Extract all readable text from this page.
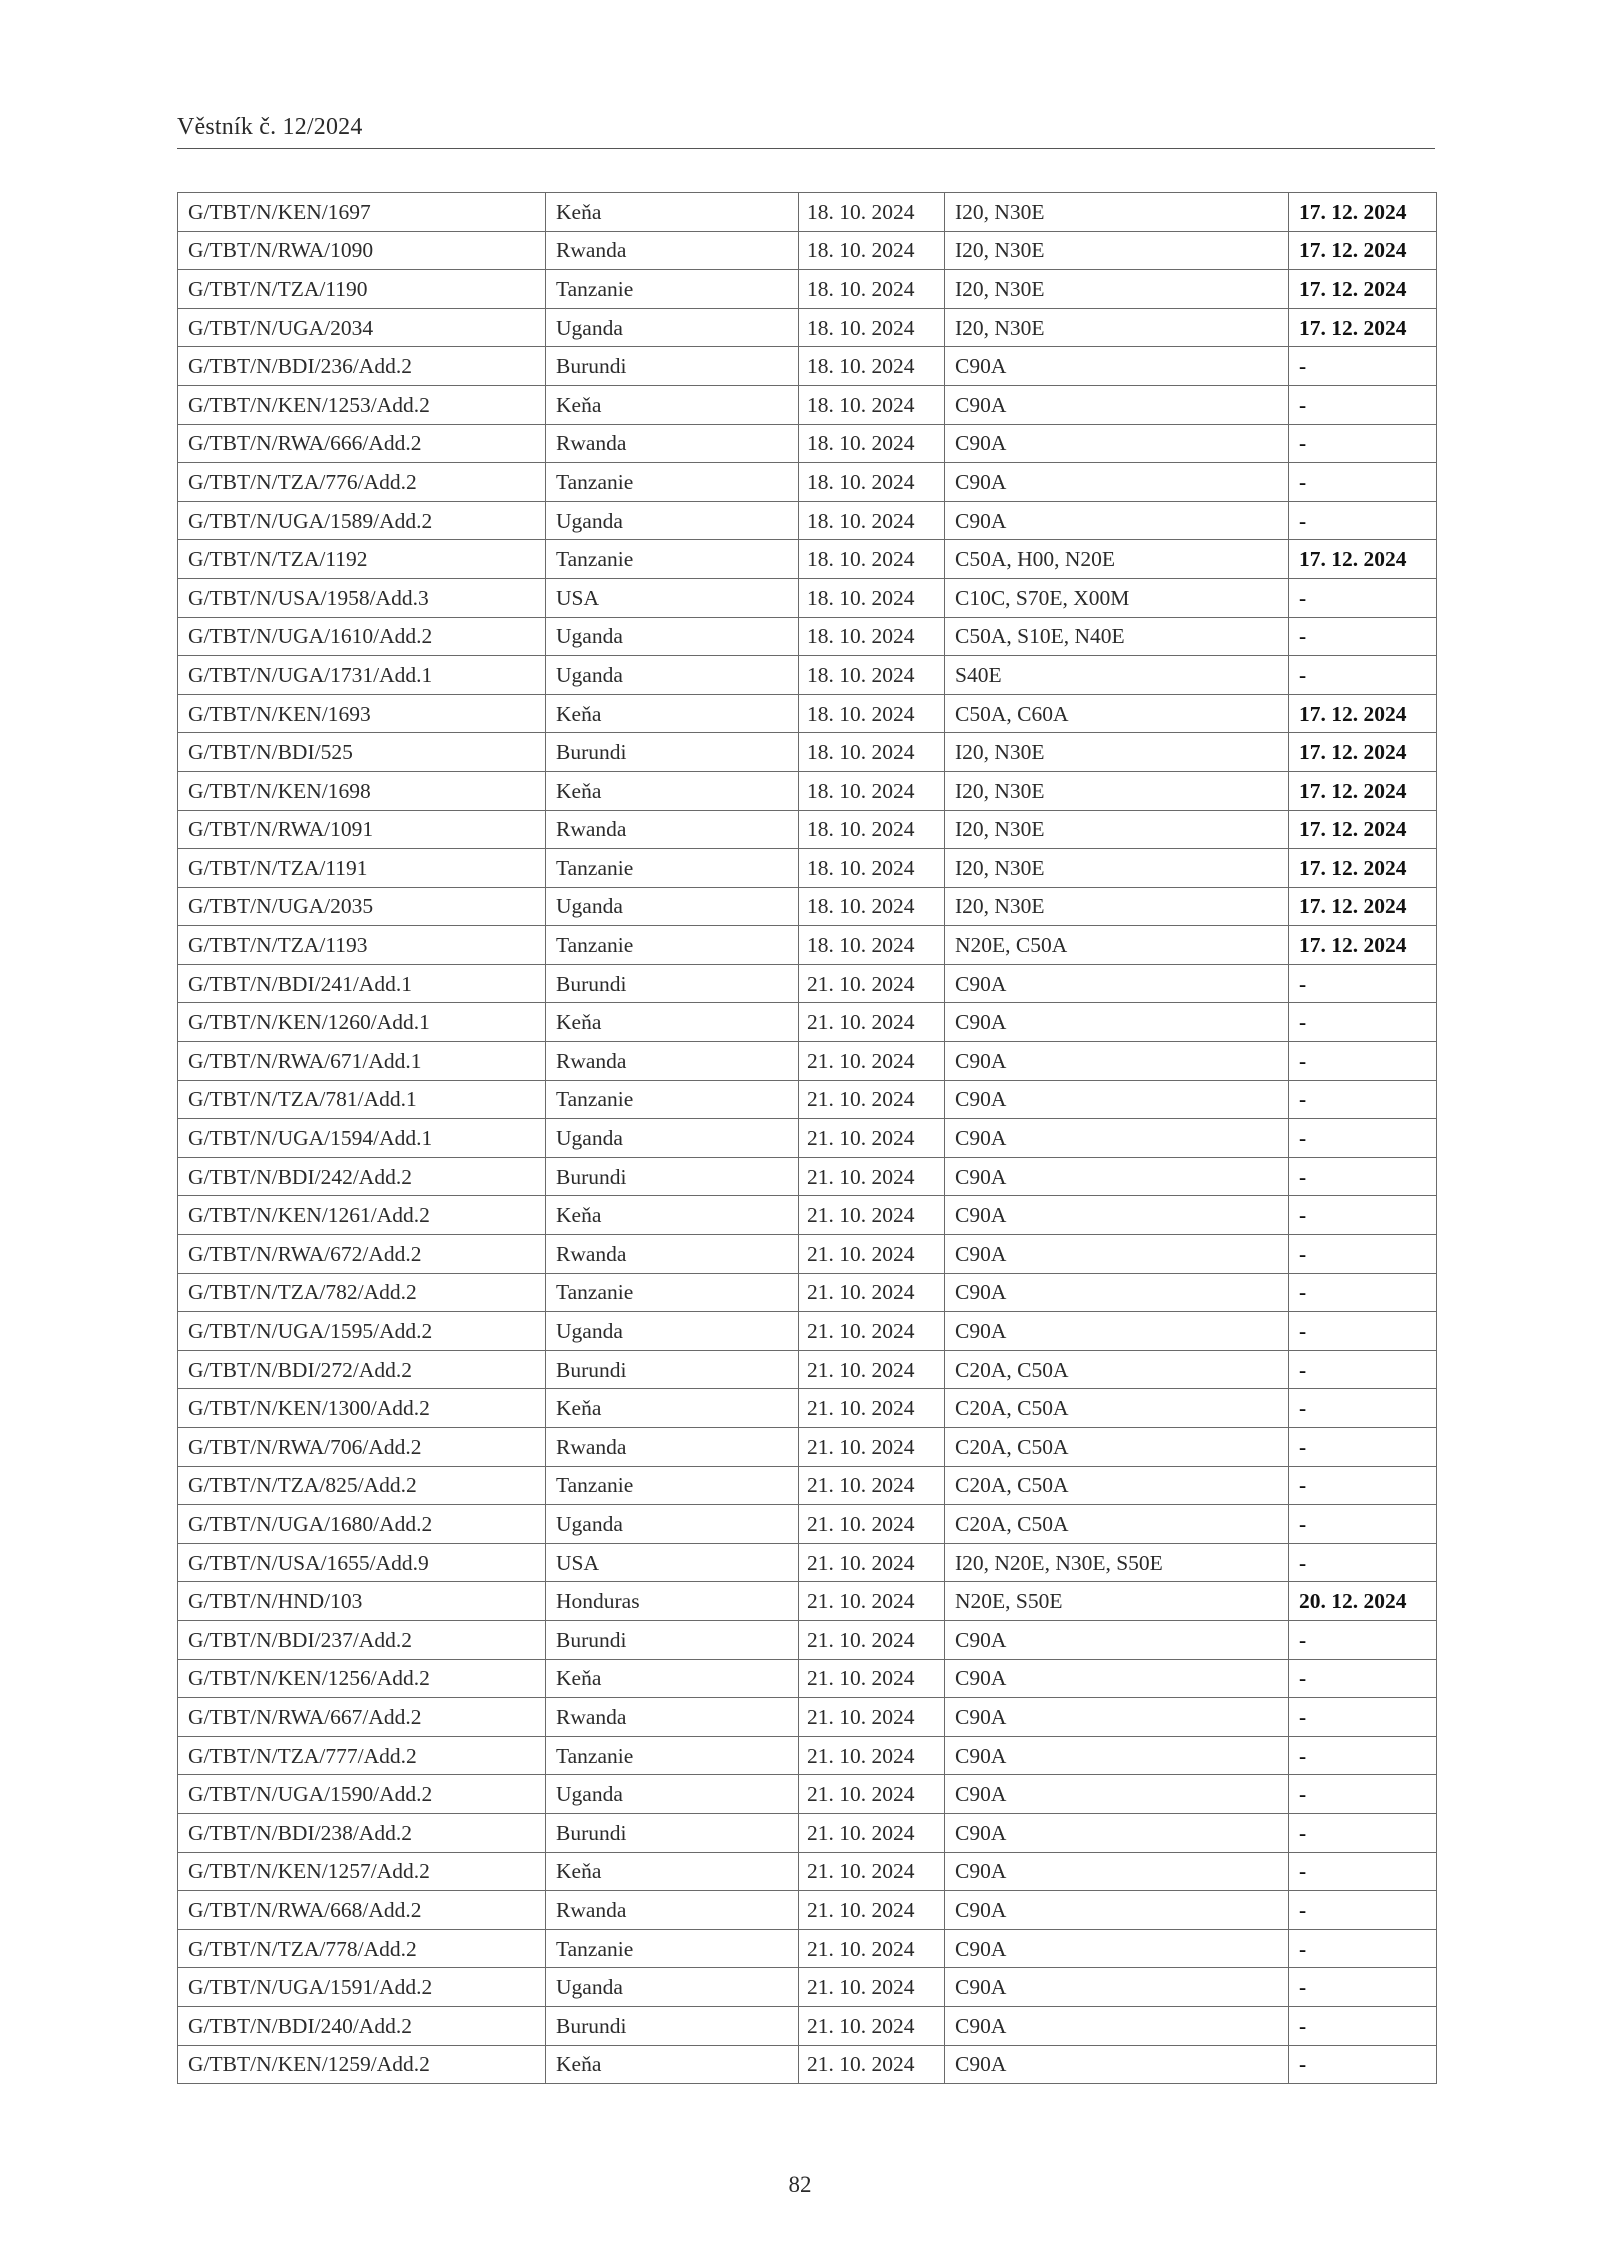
Věstník č. 12/2024
G/TBT/N/KEN/1697	Keňa	18. 10. 2024	I20, N30E	17. 12. 2024
G/TBT/N/RWA/1090	Rwanda	18. 10. 2024	I20, N30E	17. 12. 2024
G/TBT/N/TZA/1190	Tanzanie	18. 10. 2024	I20, N30E	17. 12. 2024
G/TBT/N/UGA/2034	Uganda	18. 10. 2024	I20, N30E	17. 12. 2024
G/TBT/N/BDI/236/Add.2	Burundi	18. 10. 2024	C90A	-
G/TBT/N/KEN/1253/Add.2	Keňa	18. 10. 2024	C90A	-
G/TBT/N/RWA/666/Add.2	Rwanda	18. 10. 2024	C90A	-
G/TBT/N/TZA/776/Add.2	Tanzanie	18. 10. 2024	C90A	-
G/TBT/N/UGA/1589/Add.2	Uganda	18. 10. 2024	C90A	-
G/TBT/N/TZA/1192	Tanzanie	18. 10. 2024	C50A, H00, N20E	17. 12. 2024
G/TBT/N/USA/1958/Add.3	USA	18. 10. 2024	C10C, S70E, X00M	-
G/TBT/N/UGA/1610/Add.2	Uganda	18. 10. 2024	C50A, S10E, N40E	-
G/TBT/N/UGA/1731/Add.1	Uganda	18. 10. 2024	S40E	-
G/TBT/N/KEN/1693	Keňa	18. 10. 2024	C50A, C60A	17. 12. 2024
G/TBT/N/BDI/525	Burundi	18. 10. 2024	I20, N30E	17. 12. 2024
G/TBT/N/KEN/1698	Keňa	18. 10. 2024	I20, N30E	17. 12. 2024
G/TBT/N/RWA/1091	Rwanda	18. 10. 2024	I20, N30E	17. 12. 2024
G/TBT/N/TZA/1191	Tanzanie	18. 10. 2024	I20, N30E	17. 12. 2024
G/TBT/N/UGA/2035	Uganda	18. 10. 2024	I20, N30E	17. 12. 2024
G/TBT/N/TZA/1193	Tanzanie	18. 10. 2024	N20E, C50A	17. 12. 2024
G/TBT/N/BDI/241/Add.1	Burundi	21. 10. 2024	C90A	-
G/TBT/N/KEN/1260/Add.1	Keňa	21. 10. 2024	C90A	-
G/TBT/N/RWA/671/Add.1	Rwanda	21. 10. 2024	C90A	-
G/TBT/N/TZA/781/Add.1	Tanzanie	21. 10. 2024	C90A	-
G/TBT/N/UGA/1594/Add.1	Uganda	21. 10. 2024	C90A	-
G/TBT/N/BDI/242/Add.2	Burundi	21. 10. 2024	C90A	-
G/TBT/N/KEN/1261/Add.2	Keňa	21. 10. 2024	C90A	-
G/TBT/N/RWA/672/Add.2	Rwanda	21. 10. 2024	C90A	-
G/TBT/N/TZA/782/Add.2	Tanzanie	21. 10. 2024	C90A	-
G/TBT/N/UGA/1595/Add.2	Uganda	21. 10. 2024	C90A	-
G/TBT/N/BDI/272/Add.2	Burundi	21. 10. 2024	C20A, C50A	-
G/TBT/N/KEN/1300/Add.2	Keňa	21. 10. 2024	C20A, C50A	-
G/TBT/N/RWA/706/Add.2	Rwanda	21. 10. 2024	C20A, C50A	-
G/TBT/N/TZA/825/Add.2	Tanzanie	21. 10. 2024	C20A, C50A	-
G/TBT/N/UGA/1680/Add.2	Uganda	21. 10. 2024	C20A, C50A	-
G/TBT/N/USA/1655/Add.9	USA	21. 10. 2024	I20, N20E, N30E, S50E	-
G/TBT/N/HND/103	Honduras	21. 10. 2024	N20E, S50E	20. 12. 2024
G/TBT/N/BDI/237/Add.2	Burundi	21. 10. 2024	C90A	-
G/TBT/N/KEN/1256/Add.2	Keňa	21. 10. 2024	C90A	-
G/TBT/N/RWA/667/Add.2	Rwanda	21. 10. 2024	C90A	-
G/TBT/N/TZA/777/Add.2	Tanzanie	21. 10. 2024	C90A	-
G/TBT/N/UGA/1590/Add.2	Uganda	21. 10. 2024	C90A	-
G/TBT/N/BDI/238/Add.2	Burundi	21. 10. 2024	C90A	-
G/TBT/N/KEN/1257/Add.2	Keňa	21. 10. 2024	C90A	-
G/TBT/N/RWA/668/Add.2	Rwanda	21. 10. 2024	C90A	-
G/TBT/N/TZA/778/Add.2	Tanzanie	21. 10. 2024	C90A	-
G/TBT/N/UGA/1591/Add.2	Uganda	21. 10. 2024	C90A	-
G/TBT/N/BDI/240/Add.2	Burundi	21. 10. 2024	C90A	-
G/TBT/N/KEN/1259/Add.2	Keňa	21. 10. 2024	C90A	-
82
